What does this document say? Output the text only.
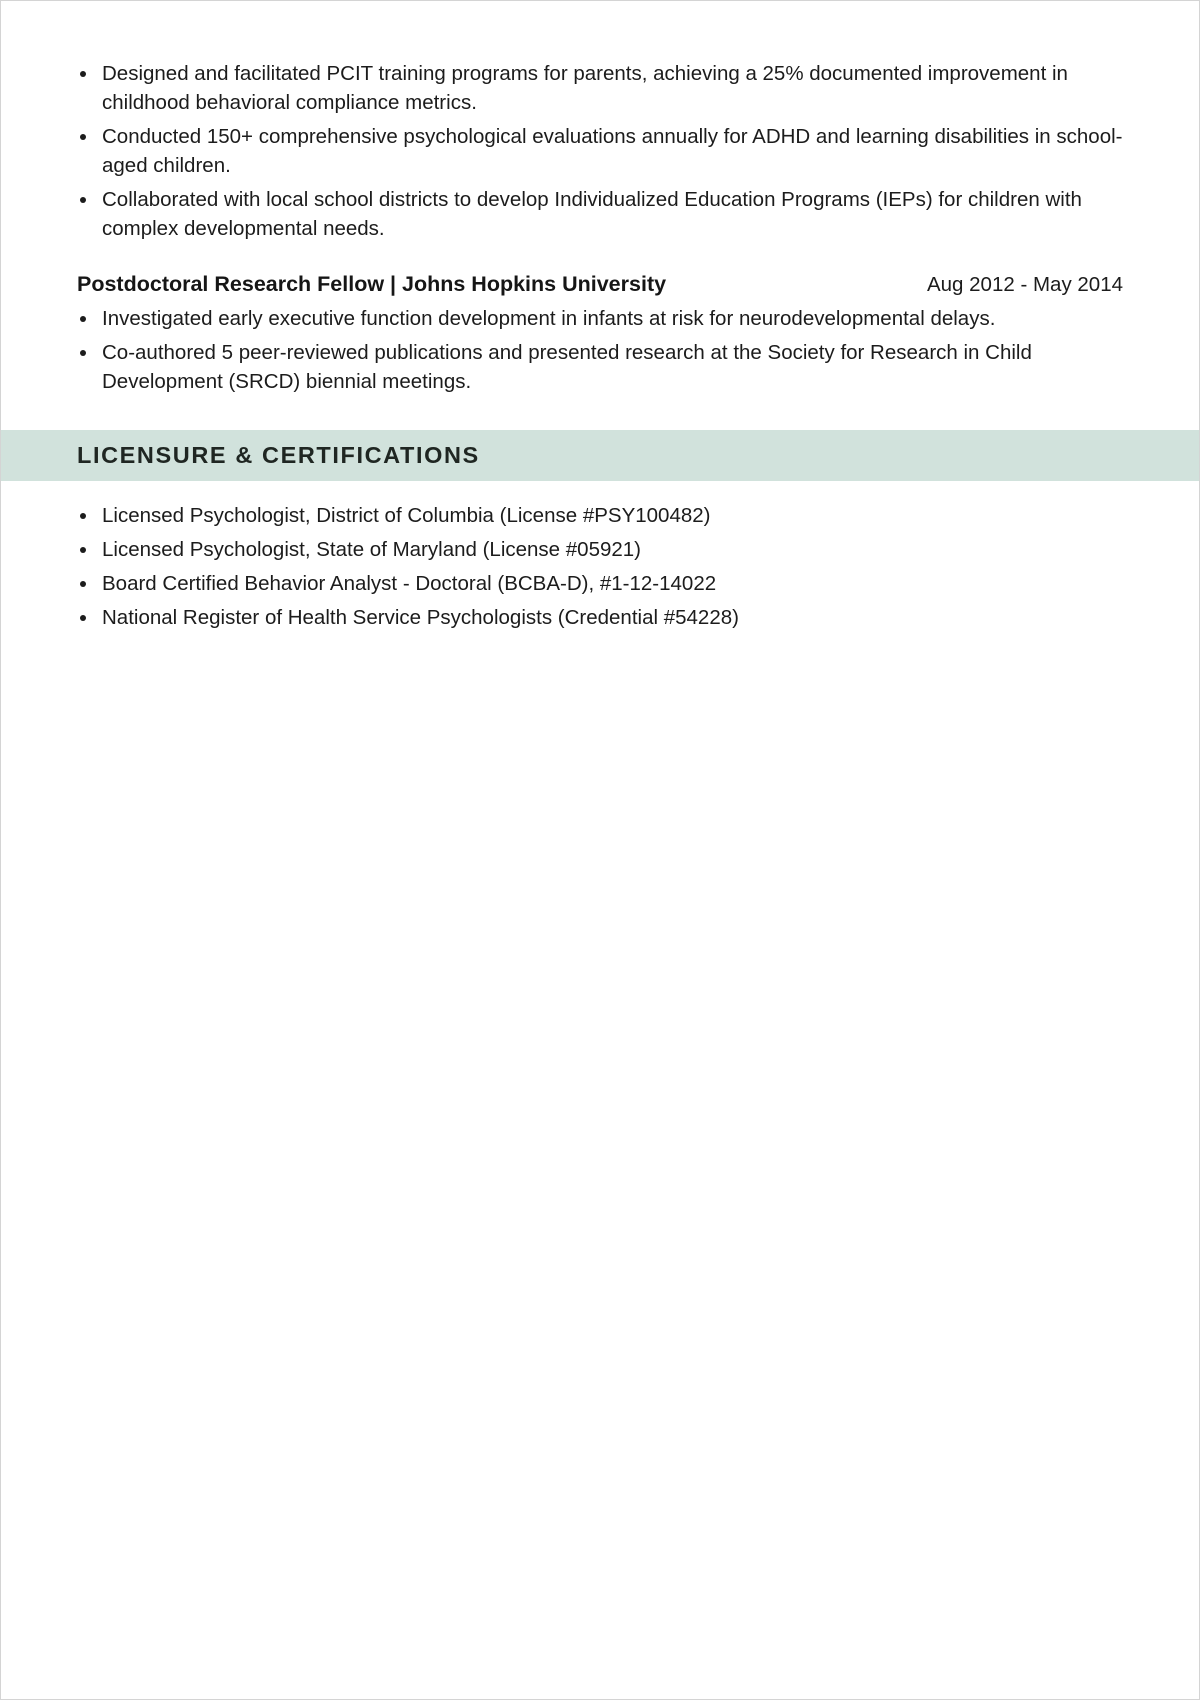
Designed and facilitated PCIT training programs for parents, achieving a 25% documented improvement in childhood behavioral compliance metrics.
Conducted 150+ comprehensive psychological evaluations annually for ADHD and learning disabilities in school-aged children.
Collaborated with local school districts to develop Individualized Education Programs (IEPs) for children with complex developmental needs.
Postdoctoral Research Fellow | Johns Hopkins University	Aug 2012 - May 2014
Investigated early executive function development in infants at risk for neurodevelopmental delays.
Co-authored 5 peer-reviewed publications and presented research at the Society for Research in Child Development (SRCD) biennial meetings.
LICENSURE & CERTIFICATIONS
Licensed Psychologist, District of Columbia (License #PSY100482)
Licensed Psychologist, State of Maryland (License #05921)
Board Certified Behavior Analyst - Doctoral (BCBA-D), #1-12-14022
National Register of Health Service Psychologists (Credential #54228)
